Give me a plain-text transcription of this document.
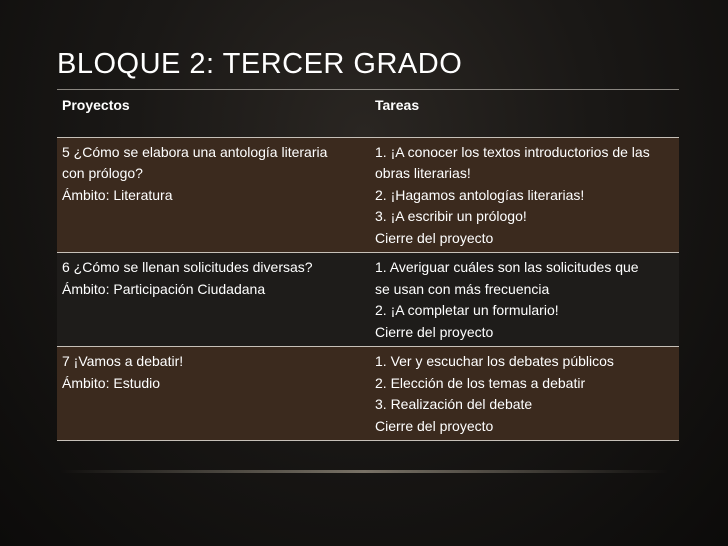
BLOQUE 2: TERCER GRADO
Proyectos	Tareas

5 ¿Cómo se elabora una antología literaria
con prólogo?
Ámbito: Literatura	1. ¡A conocer los textos introductorios de las
obras literarias!
2. ¡Hagamos antologías literarias!
3. ¡A escribir un prólogo!
Cierre del proyecto

6 ¿Cómo se llenan solicitudes diversas?
Ámbito: Participación Ciudadana	1. Averiguar cuáles son las solicitudes que
se usan con más frecuencia
2. ¡A completar un formulario!
Cierre del proyecto

7 ¡Vamos a debatir!
Ámbito: Estudio	1. Ver y escuchar los debates públicos
2. Elección de los temas a debatir
3. Realización del debate
Cierre del proyecto
